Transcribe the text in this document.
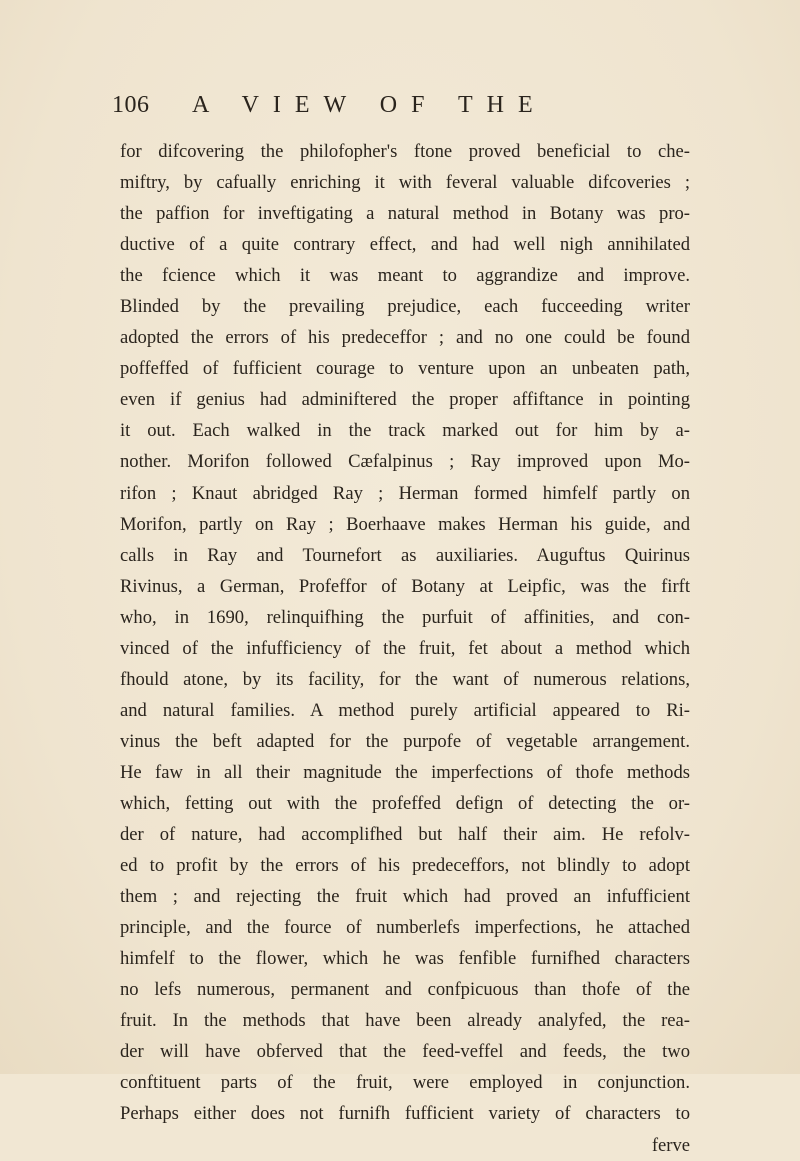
106 A VIEW OF THE
for difcovering the philofopher's ftone proved beneficial to che-
miftry, by cafually enriching it with feveral valuable difcoveries ;
the paffion for inveftigating a natural method in Botany was pro-
ductive of a quite contrary effect, and had well nigh annihilated
the fcience which it was meant to aggrandize and improve.
Blinded by the prevailing prejudice, each fucceeding writer
adopted the errors of his predeceffor ; and no one could be found
poffeffed of fufficient courage to venture upon an unbeaten path,
even if genius had adminiftered the proper affiftance in pointing
it out. Each walked in the track marked out for him by a-
nother. Morifon followed Cæfalpinus ; Ray improved upon Mo-
rifon ; Knaut abridged Ray ; Herman formed himfelf partly on
Morifon, partly on Ray ; Boerhaave makes Herman his guide, and
calls in Ray and Tournefort as auxiliaries. Auguftus Quirinus
Rivinus, a German, Profeffor of Botany at Leipfic, was the firft
who, in 1690, relinquifhing the purfuit of affinities, and con-
vinced of the infufficiency of the fruit, fet about a method which
fhould atone, by its facility, for the want of numerous relations,
and natural families. A method purely artificial appeared to Ri-
vinus the beft adapted for the purpofe of vegetable arrangement.
He faw in all their magnitude the imperfections of thofe methods
which, fetting out with the profeffed defign of detecting the or-
der of nature, had accomplifhed but half their aim. He refolv-
ed to profit by the errors of his predeceffors, not blindly to adopt
them ; and rejecting the fruit which had proved an infufficient
principle, and the fource of numberlefs imperfections, he attached
himfelf to the flower, which he was fenfible furnifhed characters
no lefs numerous, permanent and confpicuous than thofe of the
fruit. In the methods that have been already analyfed, the rea-
der will have obferved that the feed-veffel and feeds, the two
conftituent parts of the fruit, were employed in conjunction.
Perhaps either does not furnifh fufficient variety of characters to
ferve
